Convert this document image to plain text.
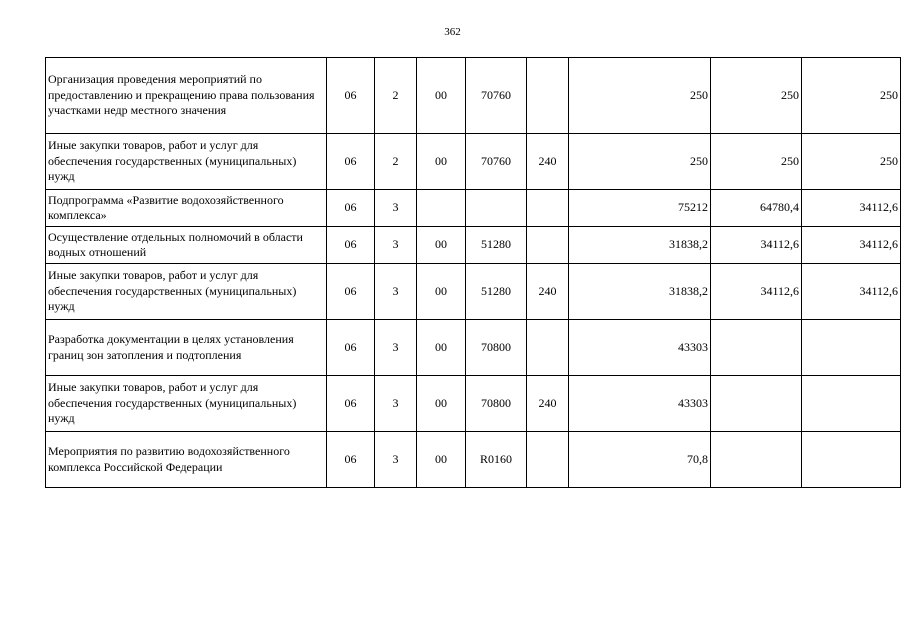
362
Организация проведения мероприятий по предоставлению и прекращению права пользования участками недр местного значения	06	2	00	70760		250	250	250
Иные закупки товаров, работ и услуг для обеспечения государственных (муниципальных) нужд	06	2	00	70760	240	250	250	250
Подпрограмма «Развитие водохозяйственного комплекса»	06	3				75212	64780,4	34112,6
Осуществление отдельных полномочий в области водных отношений	06	3	00	51280		31838,2	34112,6	34112,6
Иные закупки товаров, работ и услуг для обеспечения государственных (муниципальных) нужд	06	3	00	51280	240	31838,2	34112,6	34112,6
Разработка документации в целях установления границ зон затопления и подтопления	06	3	00	70800		43303		
Иные закупки товаров, работ и услуг для обеспечения государственных (муниципальных) нужд	06	3	00	70800	240	43303		
Мероприятия по развитию водохозяйственного комплекса Российской Федерации	06	3	00	R0160		70,8		
